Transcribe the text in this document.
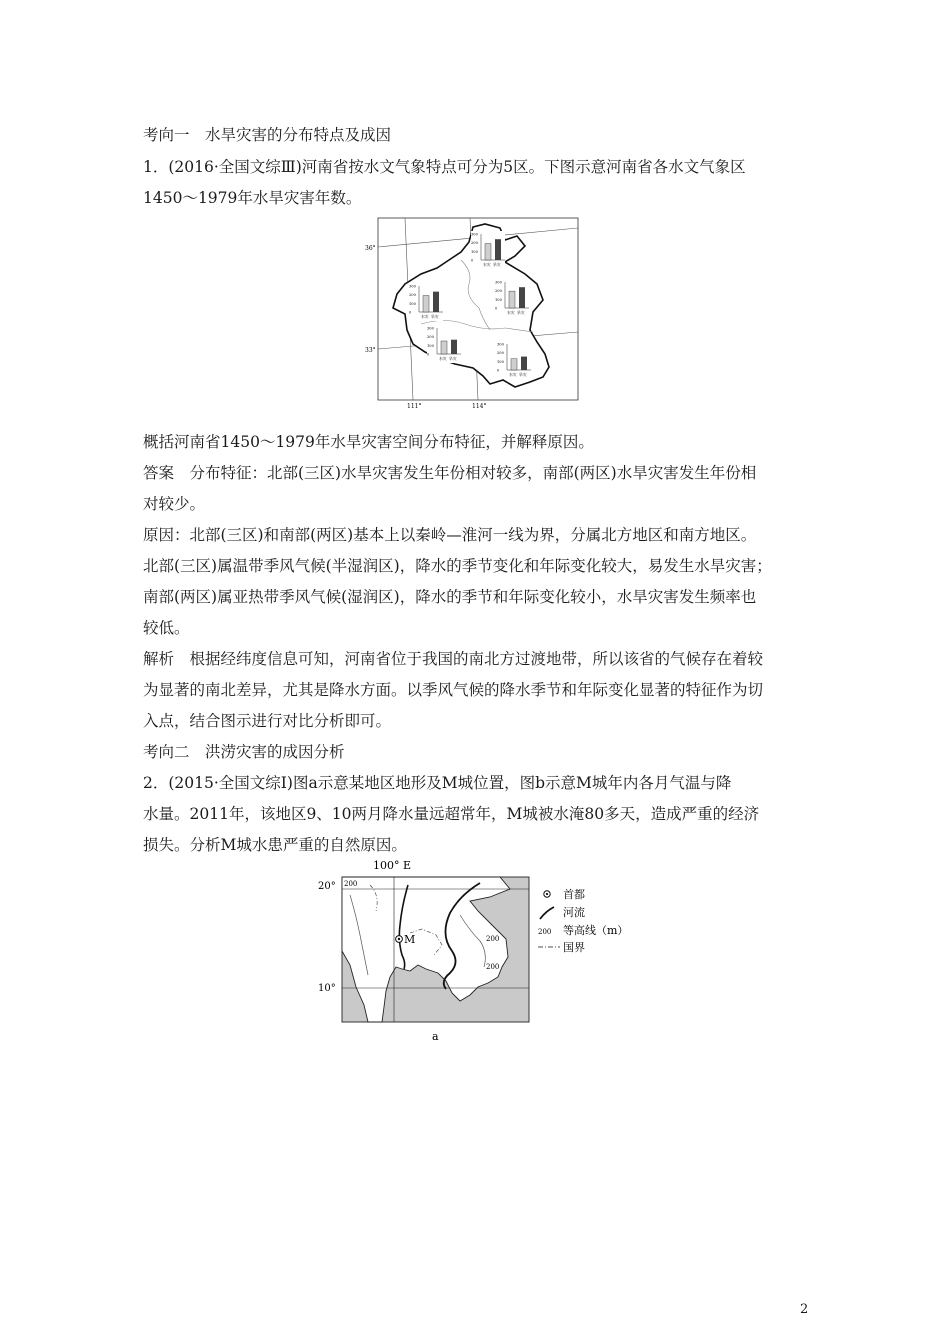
考向一　水旱灾害的分布特点及成因
1．(2016·全国文综Ⅲ)河南省按水文气象特点可分为5区。下图示意河南省各水文气象区
1450～1979年水旱灾害年数。
36°
33°
111°	114°
300
200
100
0
水灾 旱灾
300
200
100
0
水灾 旱灾
300
200
100
0
水灾 旱灾
300
200
100
0
水灾 旱灾
300
200
100
0
水灾 旱灾
概括河南省1450～1979年水旱灾害空间分布特征，并解释原因。
答案　分布特征：北部(三区)水旱灾害发生年份相对较多，南部(两区)水旱灾害发生年份相
对较少。
原因：北部(三区)和南部(两区)基本上以秦岭—淮河一线为界，分属北方地区和南方地区。
北部(三区)属温带季风气候(半湿润区)，降水的季节变化和年际变化较大，易发生水旱灾害；
南部(两区)属亚热带季风气候(湿润区)，降水的季节和年际变化较小，水旱灾害发生频率也
较低。
解析　根据经纬度信息可知，河南省位于我国的南北方过渡地带，所以该省的气候存在着较
为显著的南北差异，尤其是降水方面。以季风气候的降水季节和年际变化显著的特征作为切
入点，结合图示进行对比分析即可。
考向二　洪涝灾害的成因分析
2．(2015·全国文综Ⅰ)图a示意某地区地形及M城位置，图b示意M城年内各月气温与降
水量。2011年，该地区9、10两月降水量远超常年，M城被水淹80多天，造成严重的经济
损失。分析M城水患严重的自然原因。
100° E
20°
10°
200
200
200
M
首都
河流
200 等高线（m）
国界
a
2
